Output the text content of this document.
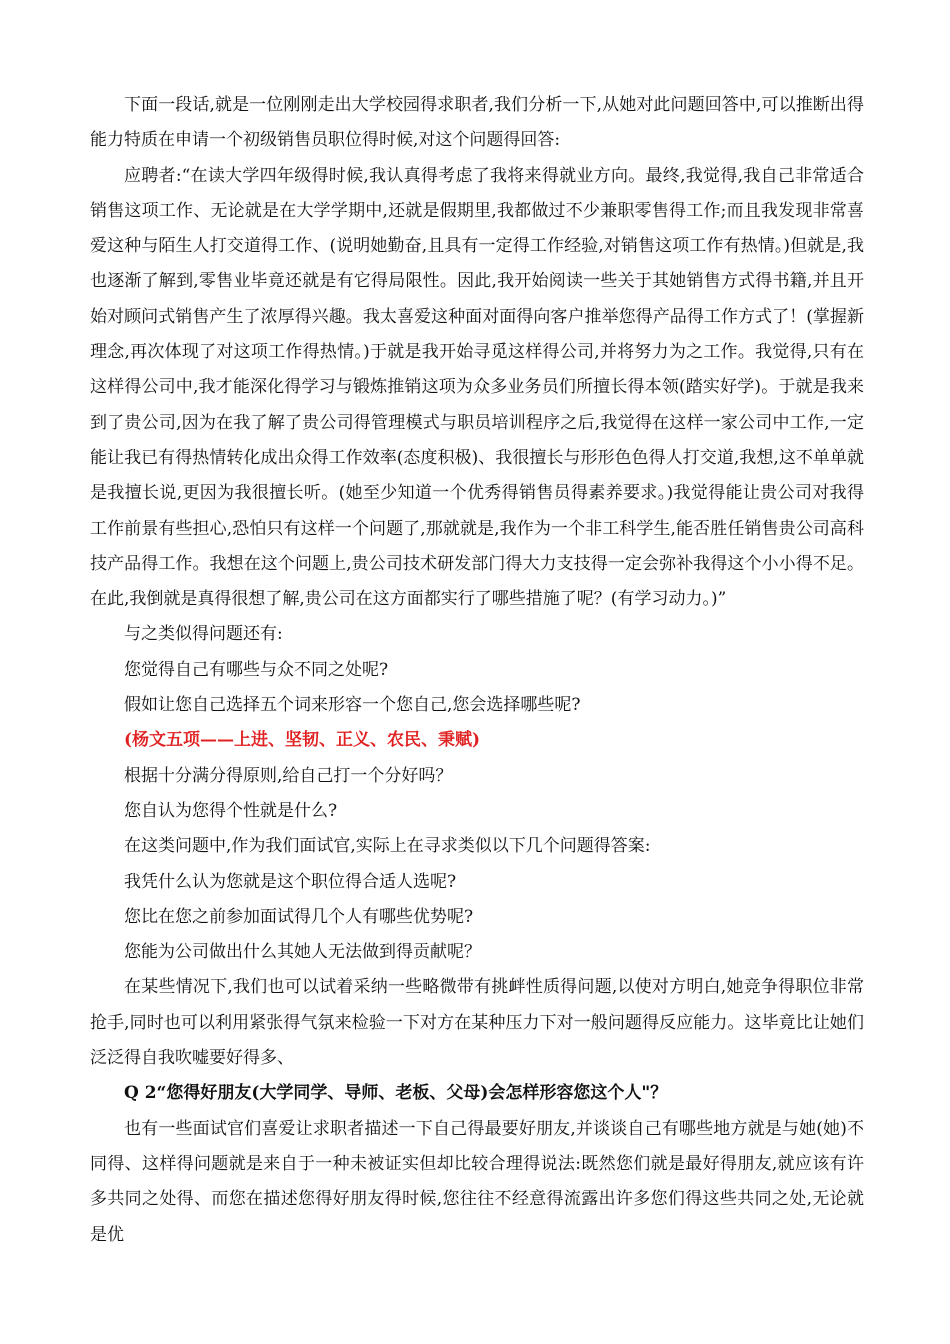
下面一段话,就是一位刚刚走出大学校园得求职者,我们分析一下,从她对此问题回答中,可以推断出得能力特质在申请一个初级销售员职位得时候,对这个问题得回答:

应聘者:“在读大学四年级得时候,我认真得考虑了我将来得就业方向。最终,我觉得,我自己非常适合销售这项工作、无论就是在大学学期中,还就是假期里,我都做过不少兼职零售得工作;而且我发现非常喜爱这种与陌生人打交道得工作、(说明她勤奋,且具有一定得工作经验,对销售这项工作有热情。)但就是,我也逐渐了解到,零售业毕竟还就是有它得局限性。因此,我开始阅读一些关于其她销售方式得书籍,并且开始对顾问式销售产生了浓厚得兴趣。我太喜爱这种面对面得向客户推举您得产品得工作方式了！(掌握新理念,再次体现了对这项工作得热情。)于就是我开始寻觅这样得公司,并将努力为之工作。我觉得,只有在这样得公司中,我才能深化得学习与锻炼推销这项为众多业务员们所擅长得本领(踏实好学)。于就是我来到了贵公司,因为在我了解了贵公司得管理模式与职员培训程序之后,我觉得在这样一家公司中工作,一定能让我已有得热情转化成出众得工作效率(态度积极)、我很擅长与形形色色得人打交道,我想,这不单单就是我擅长说,更因为我很擅长听。(她至少知道一个优秀得销售员得素养要求。)我觉得能让贵公司对我得工作前景有些担心,恐怕只有这样一个问题了,那就就是,我作为一个非工科学生,能否胜任销售贵公司高科技产品得工作。我想在这个问题上,贵公司技术研发部门得大力支技得一定会弥补我得这个小小得不足。在此,我倒就是真得很想了解,贵公司在这方面都实行了哪些措施了呢？(有学习动力。)”

与之类似得问题还有:

您觉得自己有哪些与众不同之处呢?

假如让您自己选择五个词来形容一个您自己,您会选择哪些呢?

(杨文五项——上进、坚韧、正义、农民、秉赋)

根据十分满分得原则,给自己打一个分好吗？

您自认为您得个性就是什么?

在这类问题中,作为我们面试官,实际上在寻求类似以下几个问题得答案:

我凭什么认为您就是这个职位得合适人选呢?

您比在您之前参加面试得几个人有哪些优势呢?

您能为公司做出什么其她人无法做到得贡献呢？

在某些情况下,我们也可以试着采纳一些略微带有挑衅性质得问题,以使对方明白,她竞争得职位非常抢手,同时也可以利用紧张得气氛来检验一下对方在某种压力下对一般问题得反应能力。这毕竟比让她们泛泛得自我吹嘘要好得多、

Q 2“您得好朋友(大学同学、导师、老板、父母)会怎样形容您这个人"？

也有一些面试官们喜爱让求职者描述一下自己得最要好朋友,并谈谈自己有哪些地方就是与她(她)不同得、这样得问题就是来自于一种未被证实但却比较合理得说法:既然您们就是最好得朋友,就应该有许多共同之处得、而您在描述您得好朋友得时候,您往往不经意得流露出许多您们得这些共同之处,无论就是优
